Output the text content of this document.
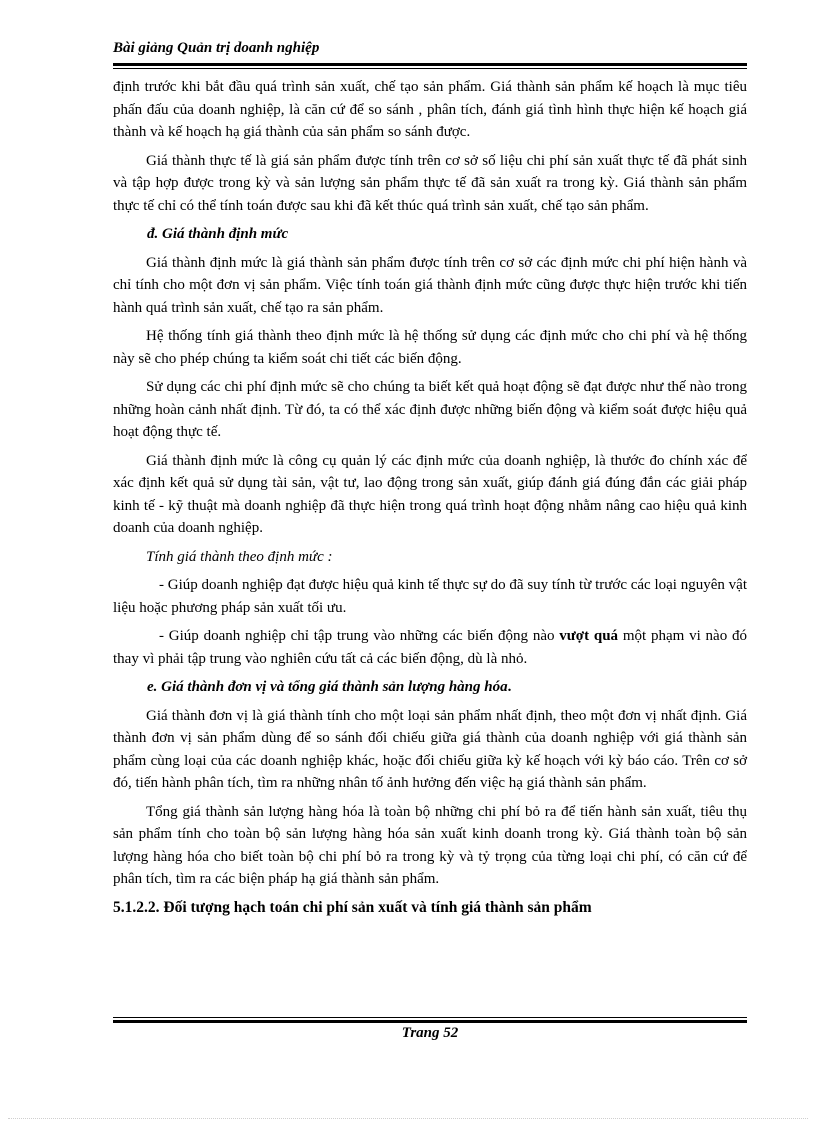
Bài giảng Quản trị doanh nghiệp

định trước khi bắt đầu quá trình sản xuất, chế tạo sản phẩm. Giá thành sản phẩm kế hoạch là mục tiêu phấn đấu của doanh nghiệp, là căn cứ để so sánh , phân tích, đánh giá tình hình thực hiện kế hoạch giá thành và kế hoạch hạ giá thành của sản phẩm so sánh được.

Giá thành thực tế là giá sản phẩm được tính trên cơ sở số liệu chi phí sản xuất thực tế đã phát sinh và tập hợp được trong kỳ và sản lượng sản phẩm thực tế đã sản xuất ra trong kỳ. Giá thành sản phẩm thực tế chỉ có thể tính toán được sau khi đã kết thúc quá trình sản xuất, chế tạo sản phẩm.

đ. Giá thành định mức

Giá thành định mức là giá thành sản phẩm được tính trên cơ sở các định mức chi phí hiện hành và chỉ tính cho một đơn vị sản phẩm. Việc tính toán giá thành định mức cũng được thực hiện trước khi tiến hành quá trình sản xuất, chế tạo ra sản phẩm.

Hệ thống tính giá thành theo định mức là hệ thống sử dụng các định mức cho chi phí và hệ thống này sẽ cho phép chúng ta kiểm soát chi tiết các biến động.

Sử dụng các chi phí định mức sẽ cho chúng ta biết kết quả hoạt động sẽ đạt được như thế nào trong những hoàn cảnh nhất định. Từ đó, ta có thể xác định được những biến động và kiểm soát được hiệu quả hoạt động thực tế.

Giá thành định mức là công cụ quản lý các định mức của doanh nghiệp, là thước đo chính xác để xác định kết quả sử dụng tài sản, vật tư, lao động trong sản xuất, giúp đánh giá đúng đắn các giải pháp kinh tế - kỹ thuật mà doanh nghiệp đã thực hiện trong quá trình hoạt động nhằm nâng cao hiệu quả kinh doanh của doanh nghiệp.

Tính giá thành theo định mức :

- Giúp doanh nghiệp đạt được hiệu quả kinh tế thực sự do đã suy tính từ trước các loại nguyên vật liệu hoặc phương pháp sản xuất tối ưu.

- Giúp doanh nghiệp chỉ tập trung vào những các biến động nào vượt quá một phạm vi nào đó thay vì phải tập trung vào nghiên cứu tất cả các biến động, dù là nhỏ.

e. Giá thành đơn vị và tổng giá thành sản lượng hàng hóa.

Giá thành đơn vị là giá thành tính cho một loại sản phẩm nhất định, theo một đơn vị nhất định. Giá thành đơn vị sản phẩm dùng để so sánh đối chiếu giữa giá thành của doanh nghiệp với giá thành sản phẩm cùng loại của các doanh nghiệp khác, hoặc đối chiếu giữa kỳ kế hoạch với kỳ báo cáo. Trên cơ sở đó, tiến hành phân tích, tìm ra những nhân tố ảnh hưởng đến việc hạ giá thành sản phẩm.

Tổng giá thành sản lượng hàng hóa là toàn bộ những chi phí bỏ ra để tiến hành sản xuất, tiêu thụ sản phẩm tính cho toàn bộ sản lượng hàng hóa sản xuất kinh doanh trong kỳ. Giá thành toàn bộ sản lượng hàng hóa cho biết toàn bộ chi phí bỏ ra trong kỳ và tỷ trọng của từng loại chi phí, có căn cứ để phân tích, tìm ra các biện pháp hạ giá thành sản phẩm.

5.1.2.2. Đối tượng hạch toán chi phí sản xuất và tính giá thành sản phẩm

Trang 52
